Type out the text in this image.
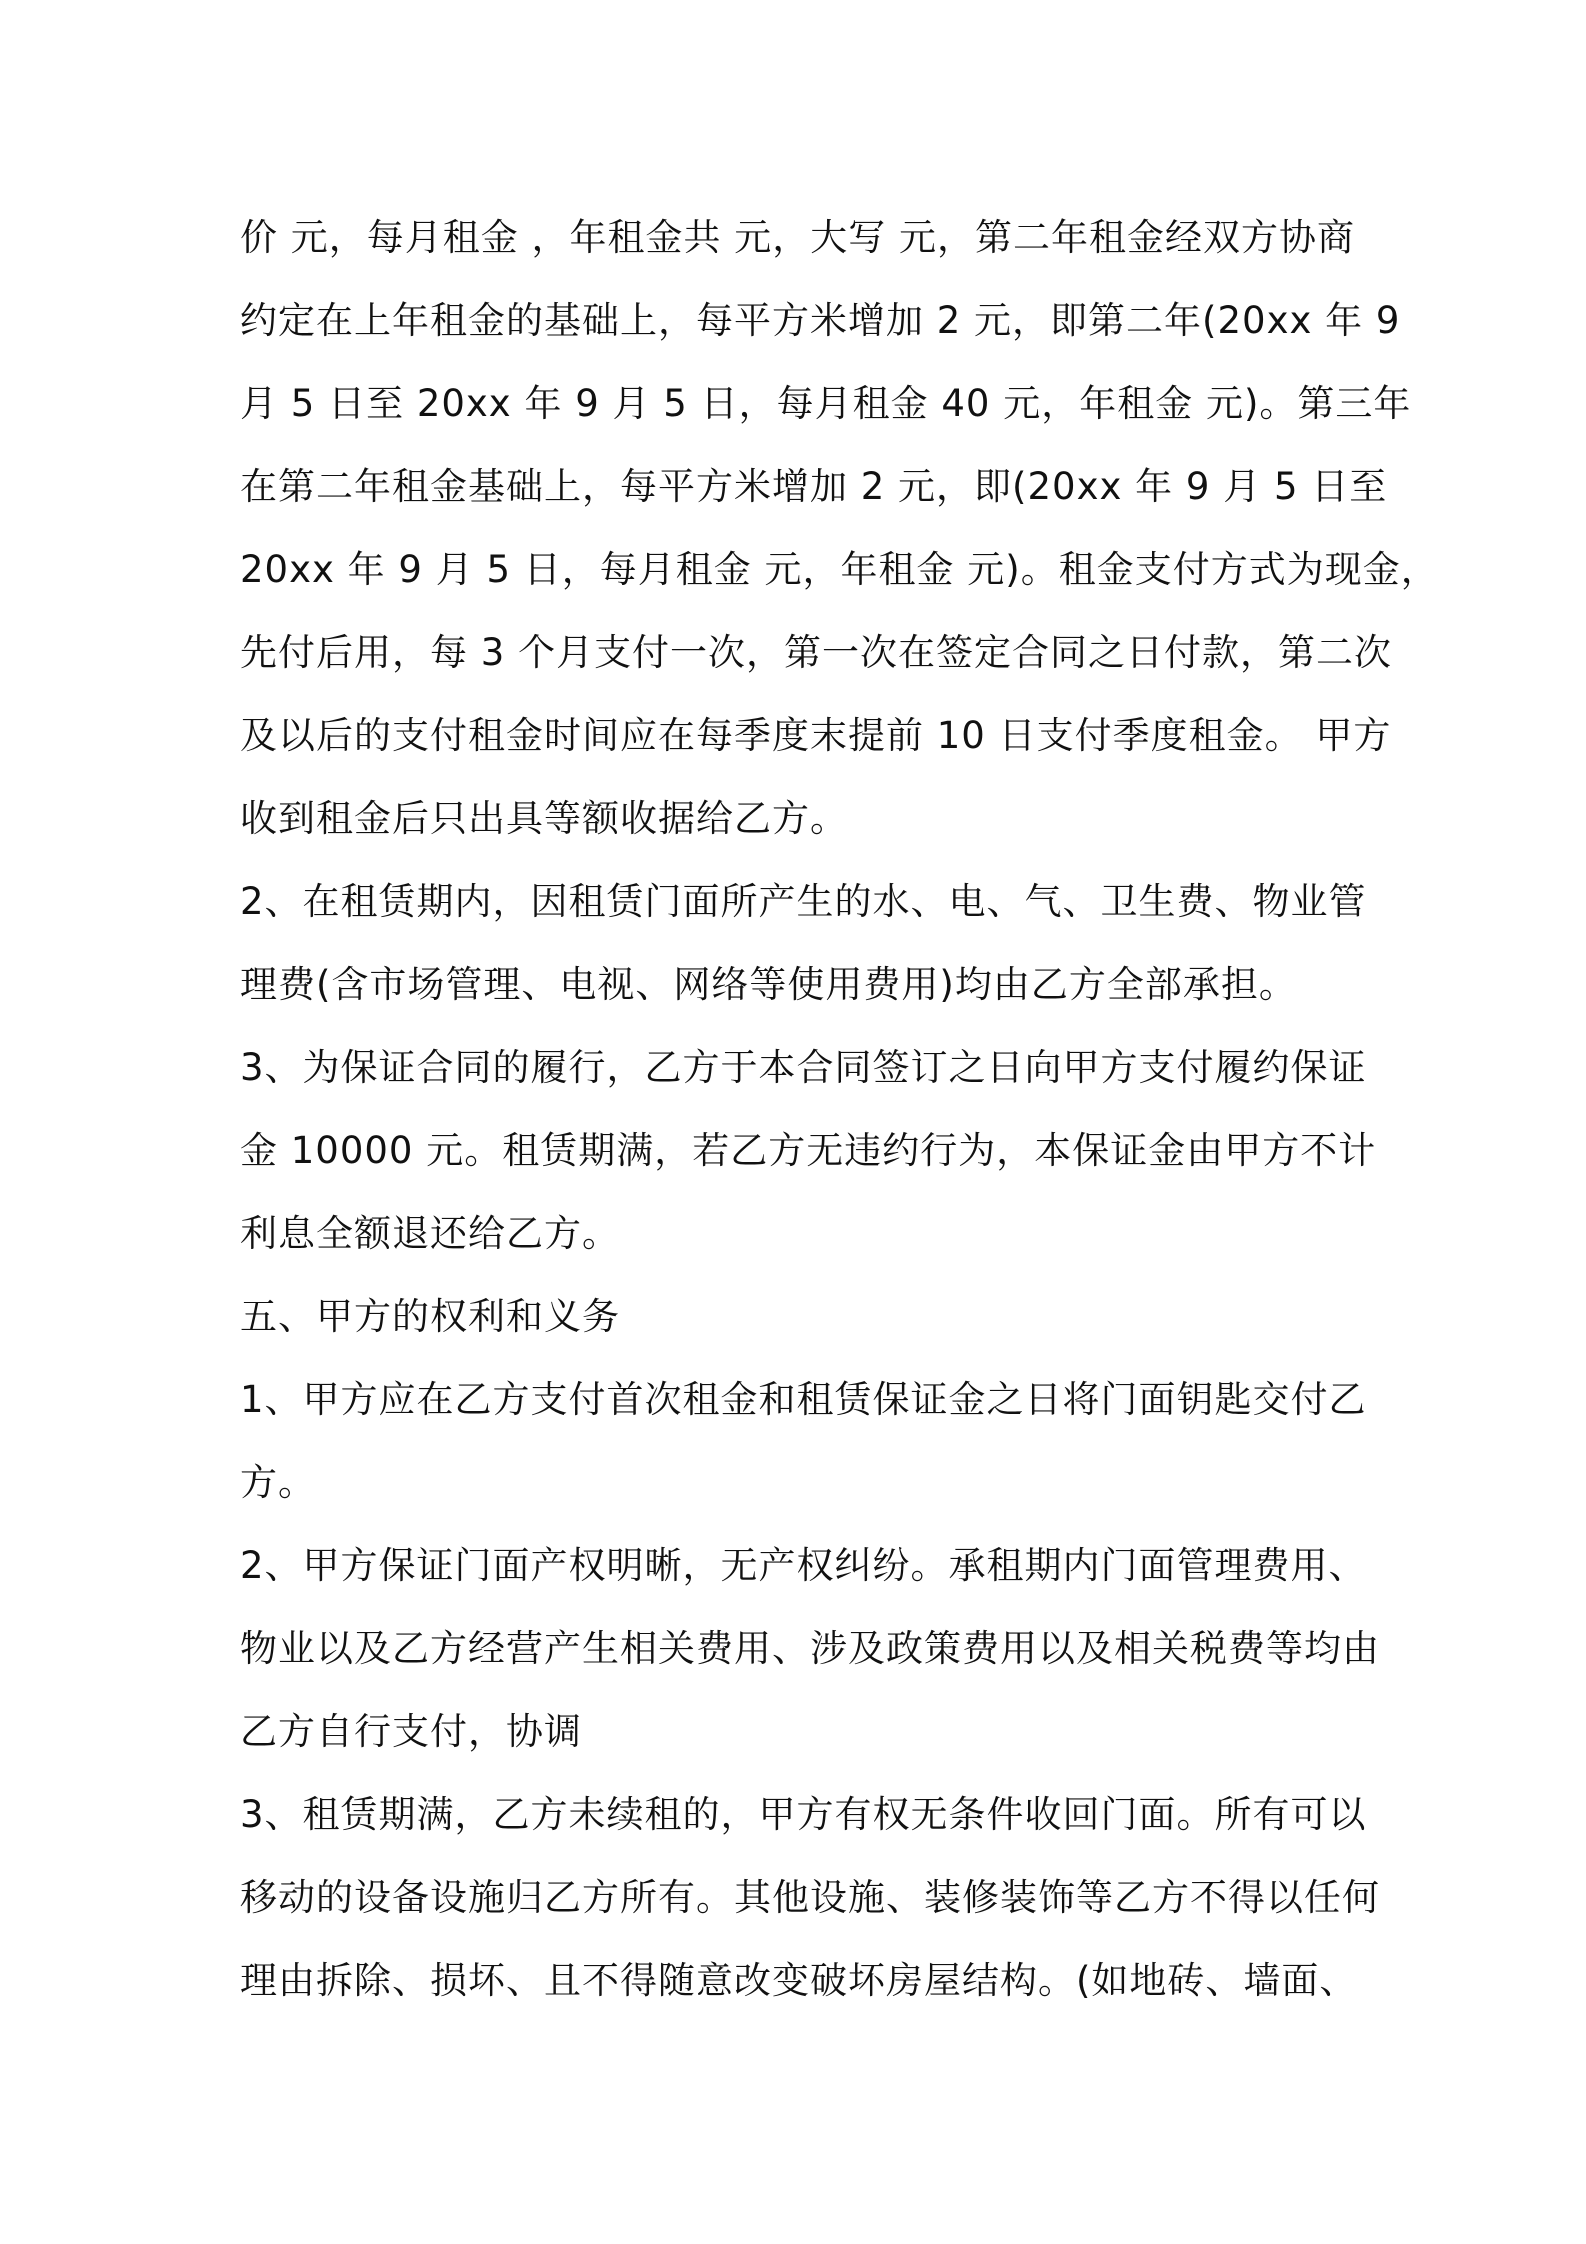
价 元，每月租金 ，年租金共 元，大写 元，第二年租金经双方协商
约定在上年租金的基础上，每平方米增加 2 元，即第二年(20xx 年 9
月 5 日至 20xx 年 9 月 5 日，每月租金 40 元，年租金 元)。第三年
在第二年租金基础上，每平方米增加 2 元，即(20xx 年 9 月 5 日至
20xx 年 9 月 5 日，每月租金 元，年租金 元)。租金支付方式为现金，
先付后用，每 3 个月支付一次，第一次在签定合同之日付款，第二次
及以后的支付租金时间应在每季度末提前 10 日支付季度租金。 甲方
收到租金后只出具等额收据给乙方。
2、在租赁期内，因租赁门面所产生的水、电、气、卫生费、物业管
理费(含市场管理、电视、网络等使用费用)均由乙方全部承担。
3、为保证合同的履行，乙方于本合同签订之日向甲方支付履约保证
金 10000 元。租赁期满，若乙方无违约行为，本保证金由甲方不计
利息全额退还给乙方。
五、甲方的权利和义务
1、甲方应在乙方支付首次租金和租赁保证金之日将门面钥匙交付乙
方。
2、甲方保证门面产权明晰，无产权纠纷。承租期内门面管理费用、
物业以及乙方经营产生相关费用、涉及政策费用以及相关税费等均由
乙方自行支付，协调
3、租赁期满，乙方未续租的，甲方有权无条件收回门面。所有可以
移动的设备设施归乙方所有。其他设施、装修装饰等乙方不得以任何
理由拆除、损坏、且不得随意改变破坏房屋结构。(如地砖、墙面、
